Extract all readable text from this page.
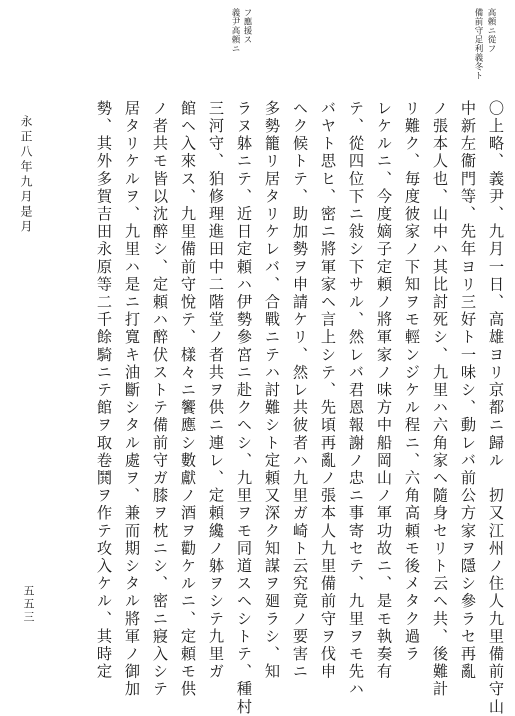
備前守足利義冬ト 高頼ニ從フ
義尹高頼ニ フ應援ス
〇上略、義尹、九月一日、高雄ヨリ京都ニ歸ル　扨又江州ノ住人九里備前守山
中新左衞門等、先年ヨリ三好ト一味シ、動レバ前公方家ヲ隱シ參ラセ再亂
ノ張本人也、山中ハ其比討死シ、九里ハ六角家ヘ隨身セリト云ヘ共、後難計
リ難ク、毎度彼家ノ下知ヲモ輕ンジケル程ニ、六角高頼モ後メタク過ラ
レケルニ、今度嫡子定頼ノ將軍家ノ味方中船岡山ノ軍功故ニ、是モ執奏有
テ、從四位下ニ敍シ下サル、然レバ君恩報謝ノ忠ニ事寄セテ、九里ヲモ先ハ
バヤト思ヒ、密ニ將軍家ヘ言上シテ、先頃再亂ノ張本人九里備前守ヲ伐申
ヘク候トテ、助加勢ヲ申請ケリ、然レ共彼者ハ九里ガ崎ト云究竟ノ要害ニ
多勢籠リ居タリケレバ、合戰ニテハ討難シト定頼又深ク知謀ヲ廻ラシ、知
ラヌ躰ニテ、近日定頼ハ伊勢參宮ニ赴クヘシ、九里ヲモ同道スヘシトテ、種村
三河守、狛修理進田中二階堂ノ者共ヲ供ニ連レ、定頼纔ノ躰ヲシテ九里ガ
館ヘ入來ス、九里備前守悅テ、樣々ニ饗應シ數獻ノ酒ヲ勸ケルニ、定頼モ供
ノ者共モ皆以沈醉シ、定頼ハ醉伏ストテ備前守ガ膝ヲ枕ニシ、密ニ寢入シテ
居タリケルヲ、九里ハ是ニ打寬キ油斷シタル處ヲ、兼而期シタル將軍ノ御加
勢、其外多賀吉田永原等二千餘騎ニテ館ヲ取卷鬨ヲ作テ攻入ケル、其時定
永正八年九月是月
五五三
